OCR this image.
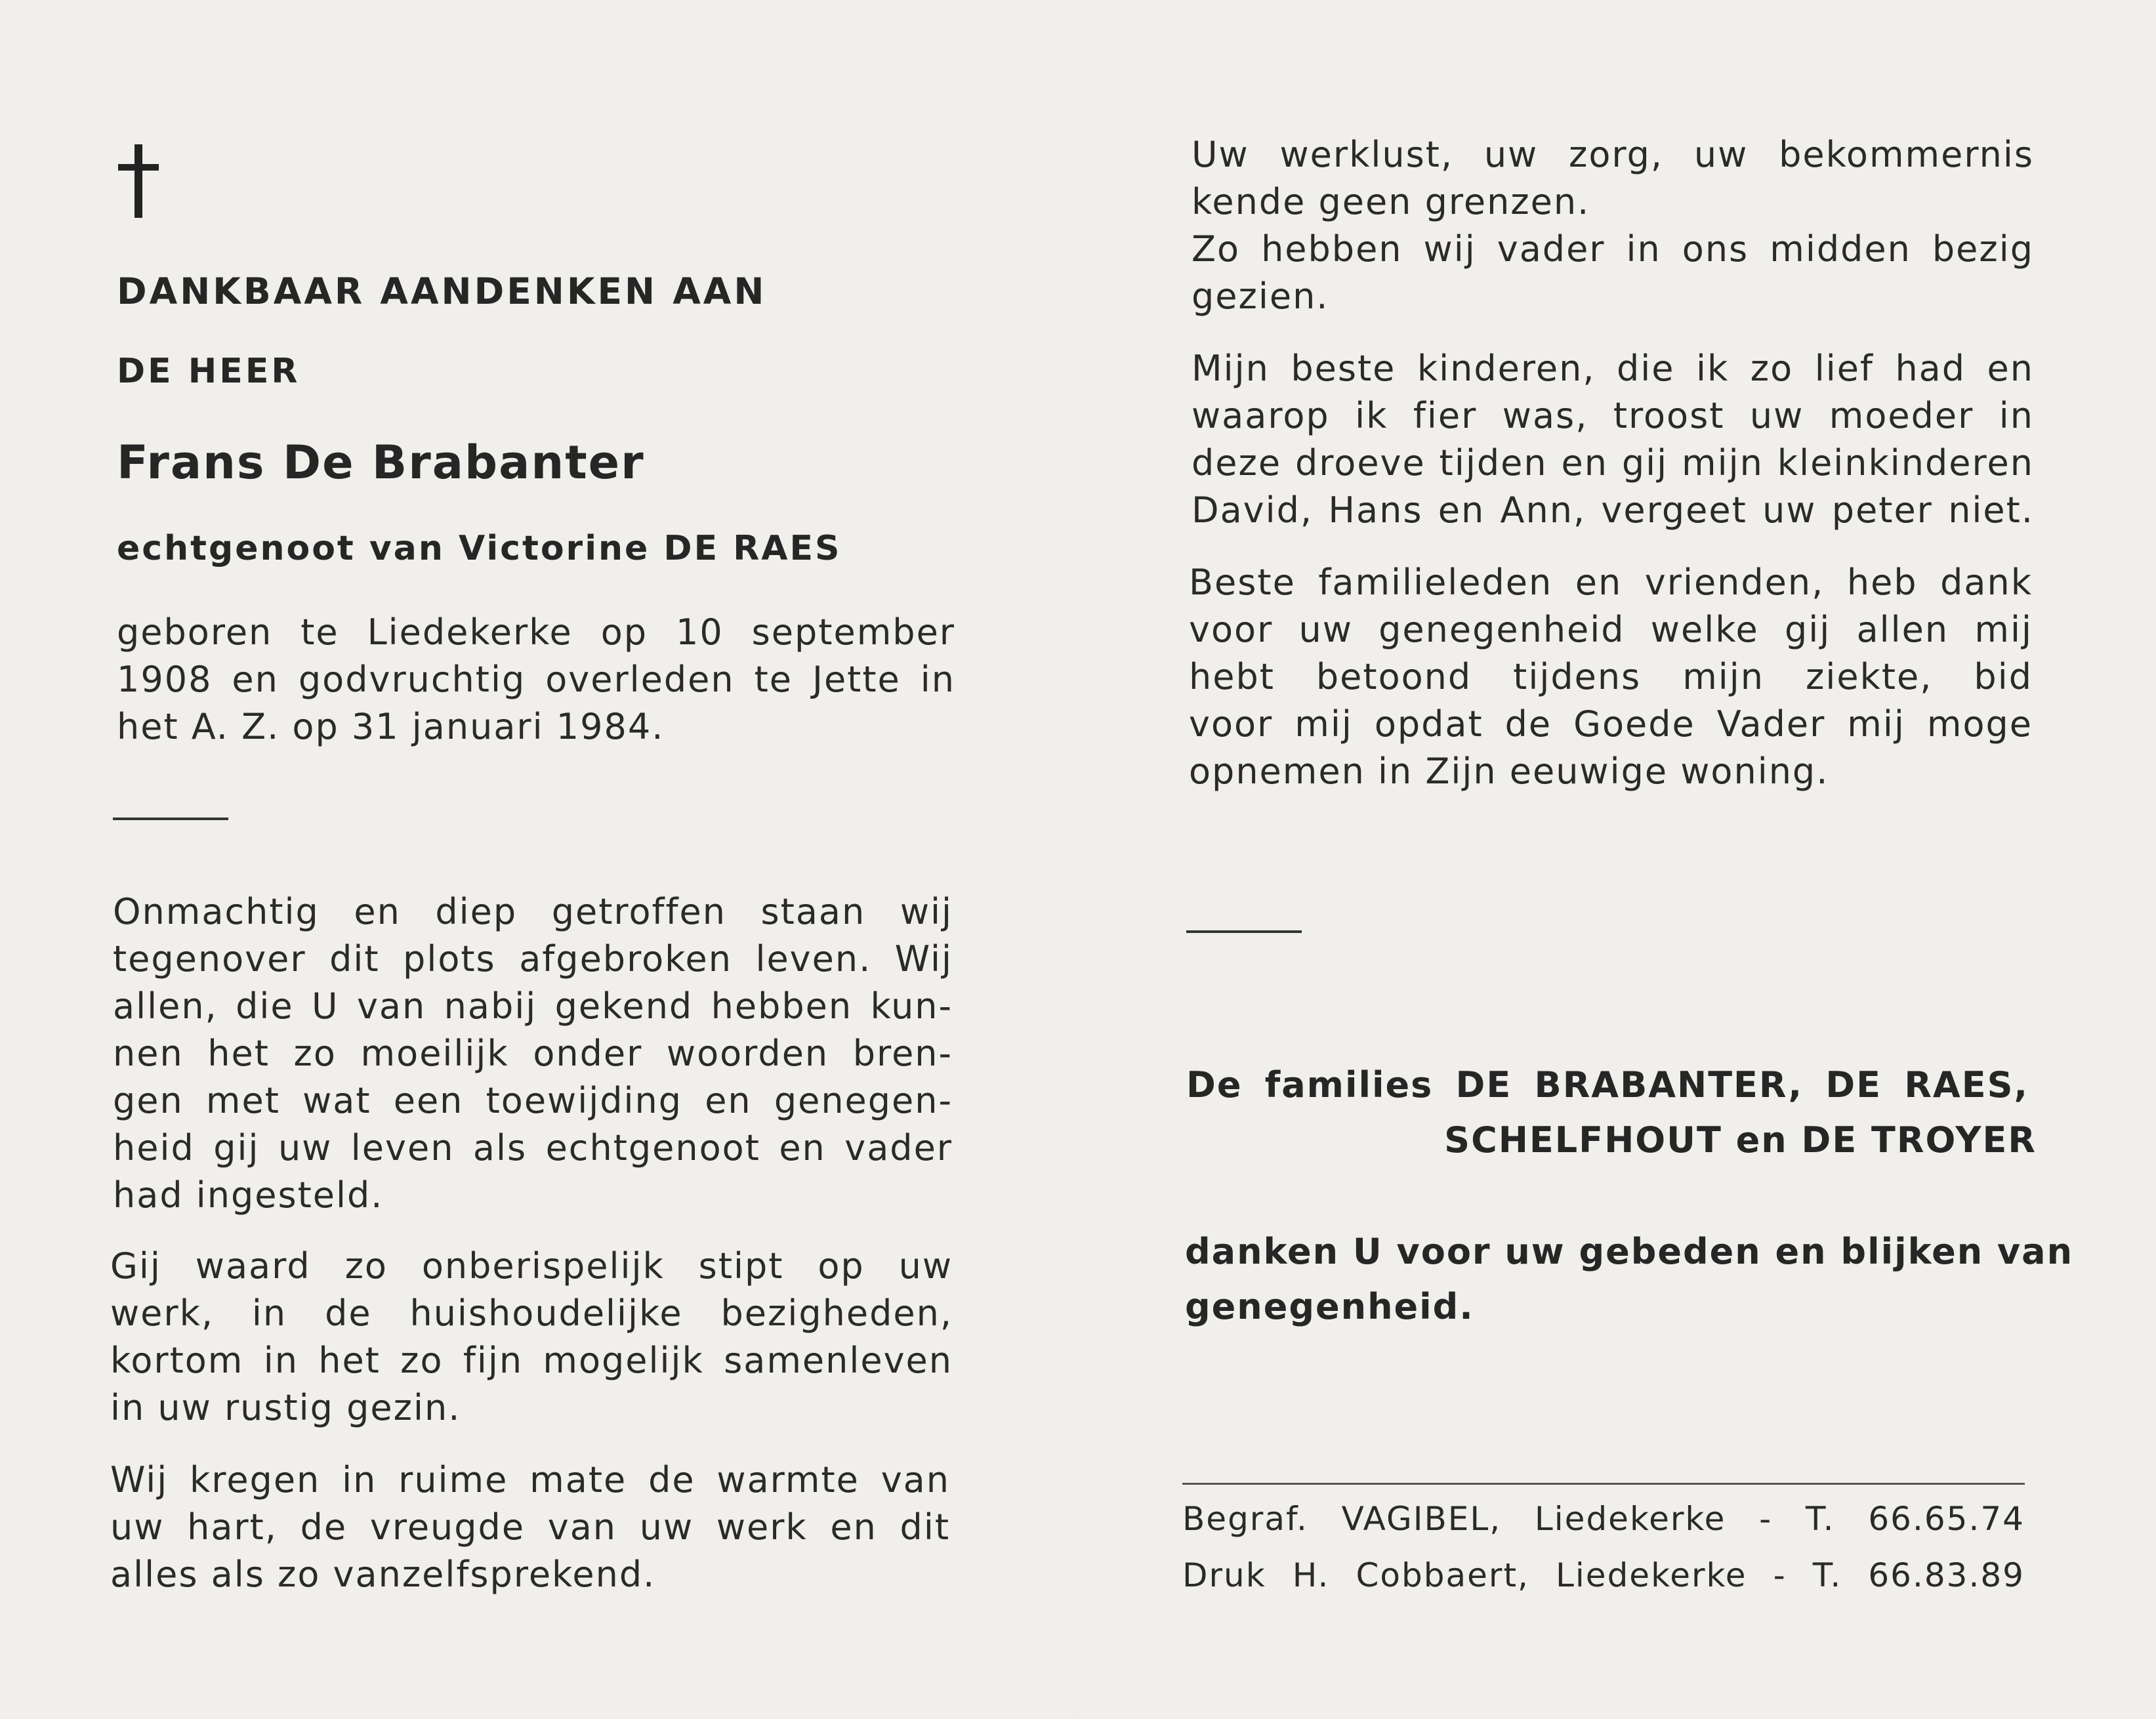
DANKBAAR AANDENKEN AAN
DE HEER
Frans De Brabanter
echtgenoot van Victorine DE RAES
geboren te Liedekerke op 10 september
1908 en godvruchtig overleden te Jette in
het A. Z. op 31 januari 1984.
Onmachtig en diep getroffen staan wij
tegenover dit plots afgebroken leven. Wij
allen, die U van nabij gekend hebben kun-
nen het zo moeilijk onder woorden bren-
gen met wat een toewijding en genegen-
heid gij uw leven als echtgenoot en vader
had ingesteld.
Gij waard zo onberispelijk stipt op uw
werk, in de huishoudelijke bezigheden,
kortom in het zo fijn mogelijk samenleven
in uw rustig gezin.
Wij kregen in ruime mate de warmte van
uw hart, de vreugde van uw werk en dit
alles als zo vanzelfsprekend.
Uw werklust, uw zorg, uw bekommernis
kende geen grenzen.
Zo hebben wij vader in ons midden bezig
gezien.
Mijn beste kinderen, die ik zo lief had en
waarop ik fier was, troost uw moeder in
deze droeve tijden en gij mijn kleinkinderen
David, Hans en Ann, vergeet uw peter niet.
Beste familieleden en vrienden, heb dank
voor uw genegenheid welke gij allen mij
hebt betoond tijdens mijn ziekte, bid
voor mij opdat de Goede Vader mij moge
opnemen in Zijn eeuwige woning.
De families DE BRABANTER, DE RAES,
SCHELFHOUT en DE TROYER
danken U voor uw gebeden en blijken van
genegenheid.
Begraf. VAGIBEL, Liedekerke - T. 66.65.74
Druk H. Cobbaert, Liedekerke - T. 66.83.89
